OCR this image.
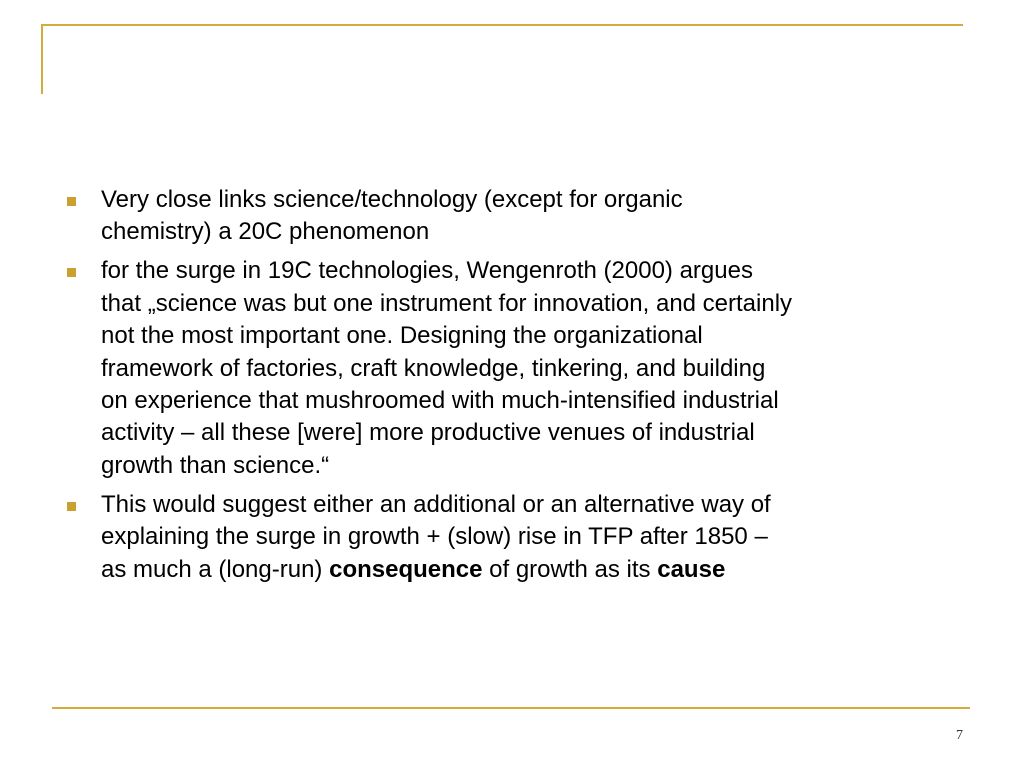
Very close links science/technology (except for organic
chemistry) a 20C phenomenon
for the surge in 19C technologies, Wengenroth (2000) argues
that „science was but one instrument for innovation, and certainly
not the most important one. Designing the organizational
framework of factories, craft knowledge, tinkering, and building
on experience that mushroomed with much-intensified industrial
activity – all these [were] more productive venues of industrial
growth than science.“
This would suggest either an additional or an alternative way of
explaining the surge in growth + (slow) rise in TFP after 1850 –
as much a (long-run) consequence of growth as its cause
7
